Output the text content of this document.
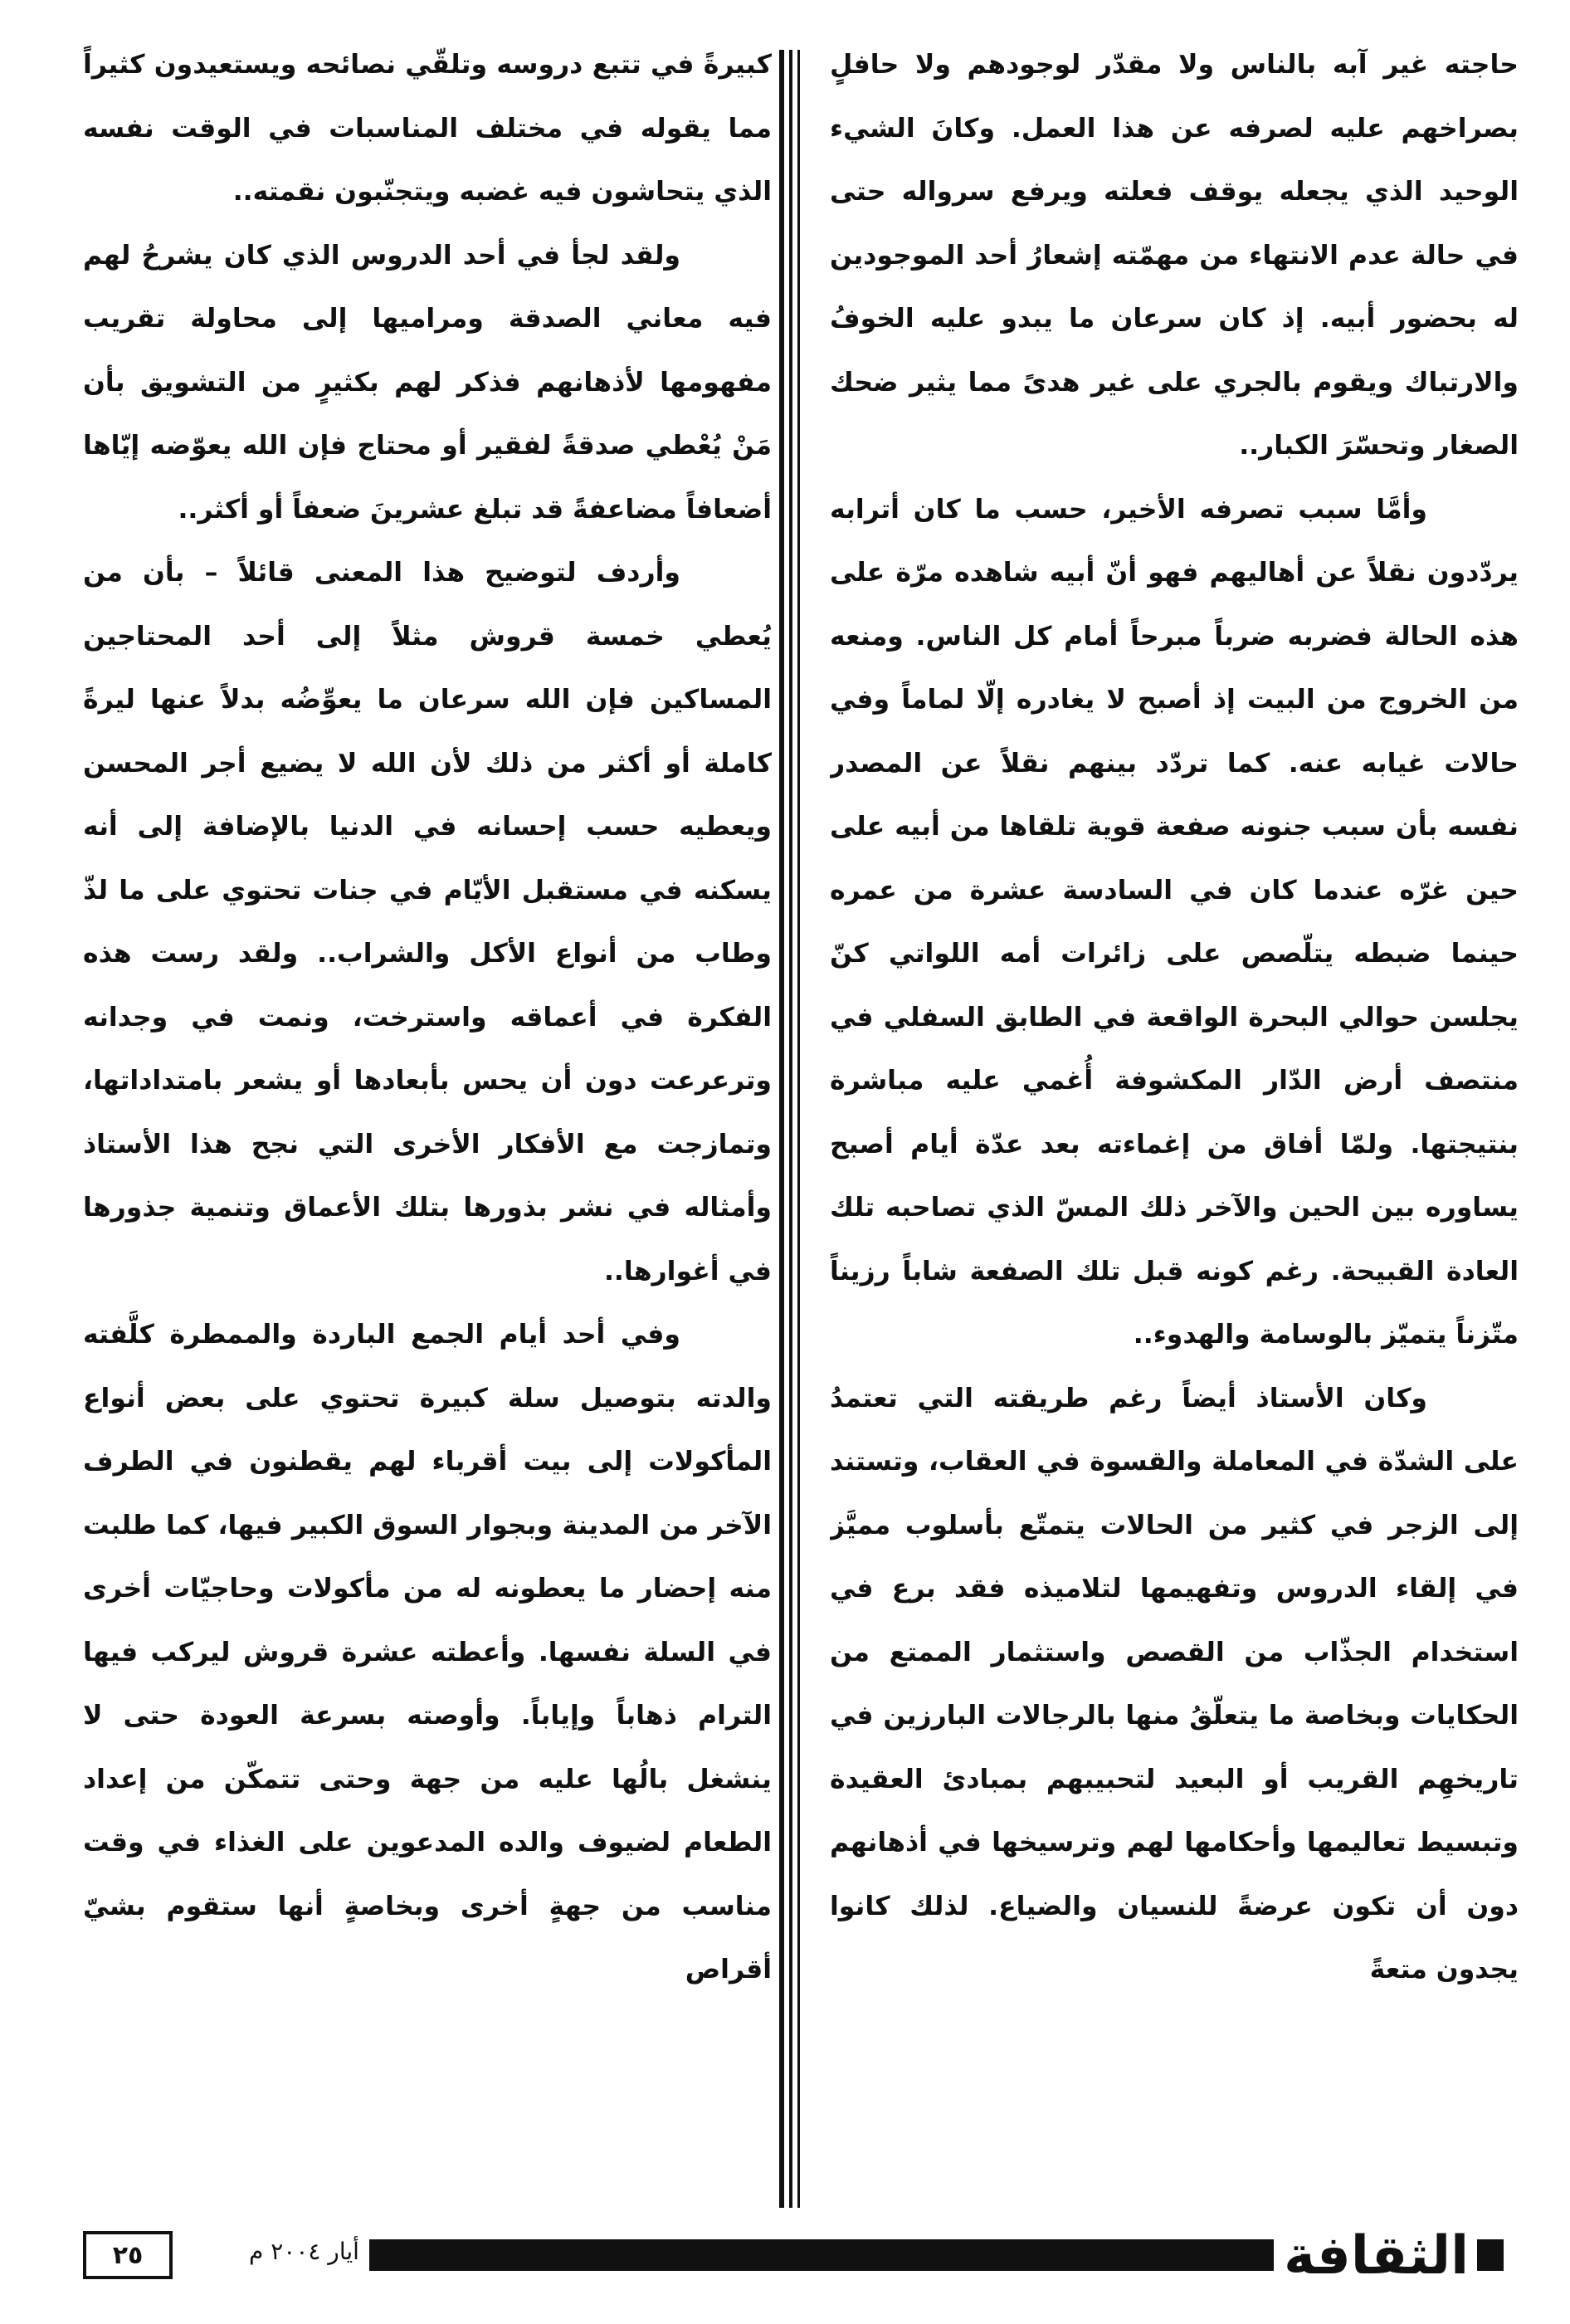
حاجته غير آبه بالناس ولا مقدّر لوجودهم ولا حافلٍ بصراخهم عليه لصرفه عن هذا العمل. وكانَ الشيء الوحيد الذي يجعله يوقف فعلته ويرفع سرواله حتى في حالة عدم الانتهاء من مهمّته إشعارُ أحد الموجودين له بحضور أبيه. إذ كان سرعان ما يبدو عليه الخوفُ والارتباك ويقوم بالجري على غير هدىً مما يثير ضحك الصغار وتحسّرَ الكبار..

وأمَّا سبب تصرفه الأخير، حسب ما كان أترابه يردّدون نقلاً عن أهاليهم فهو أنّ أبيه شاهده مرّة على هذه الحالة فضربه ضرباً مبرحاً أمام كل الناس. ومنعه من الخروج من البيت إذ أصبح لا يغادره إلّا لماماً وفي حالات غيابه عنه. كما تردّد بينهم نقلاً عن المصدر نفسه بأن سبب جنونه صفعة قوية تلقاها من أبيه على حين غرّه عندما كان في السادسة عشرة من عمره حينما ضبطه يتلّصص على زائرات أمه اللواتي كنّ يجلسن حوالي البحرة الواقعة في الطابق السفلي في منتصف أرض الدّار المكشوفة أُغمي عليه مباشرة بنتيجتها. ولمّا أفاق من إغماءته بعد عدّة أيام أصبح يساوره بين الحين والآخر ذلك المسّ الذي تصاحبه تلك العادة القبيحة. رغم كونه قبل تلك الصفعة شاباً رزيناً متّزناً يتميّز بالوسامة والهدوء..

وكان الأستاذ أيضاً رغم طريقته التي تعتمدُ على الشدّة في المعاملة والقسوة في العقاب، وتستند إلى الزجر في كثير من الحالات يتمتّع بأسلوب مميَّز في إلقاء الدروس وتفهيمها لتلاميذه فقد برع في استخدام الجذّاب من القصص واستثمار الممتع من الحكايات وبخاصة ما يتعلّقُ منها بالرجالات البارزين في تاريخهِم القريب أو البعيد لتحبيبهم بمبادئ العقيدة وتبسيط تعاليمها وأحكامها لهم وترسيخها في أذهانهم دون أن تكون عرضةً للنسيان والضياع. لذلك كانوا يجدون متعةً

كبيرةً في تتبع دروسه وتلقّي نصائحه ويستعيدون كثيراً مما يقوله في مختلف المناسبات في الوقت نفسه الذي يتحاشون فيه غضبه ويتجنّبون نقمته..

ولقد لجأ في أحد الدروس الذي كان يشرحُ لهم فيه معاني الصدقة ومراميها إلى محاولة تقريب مفهومها لأذهانهم فذكر لهم بكثيرٍ من التشويق بأن مَنْ يُعْطي صدقةً لفقير أو محتاج فإن الله يعوّضه إيّاها أضعافاً مضاعفةً قد تبلغ عشرينَ ضعفاً أو أكثر..

وأردف لتوضيح هذا المعنى قائلاً – بأن من يُعطي خمسة قروش مثلاً إلى أحد المحتاجين المساكين فإن الله سرعان ما يعوِّضُه بدلاً عنها ليرةً كاملة أو أكثر من ذلك لأن الله لا يضيع أجر المحسن ويعطيه حسب إحسانه في الدنيا بالإضافة إلى أنه يسكنه في مستقبل الأيّام في جنات تحتوي على ما لذّ وطاب من أنواع الأكل والشراب.. ولقد رست هذه الفكرة في أعماقه واسترخت، ونمت في وجدانه وترعرعت دون أن يحس بأبعادها أو يشعر بامتداداتها، وتمازجت مع الأفكار الأخرى التي نجح هذا الأستاذ وأمثاله في نشر بذورها بتلك الأعماق وتنمية جذورها في أغوارها..

وفي أحد أيام الجمع الباردة والممطرة كلَّفته والدته بتوصيل سلة كبيرة تحتوي على بعض أنواع المأكولات إلى بيت أقرباء لهم يقطنون في الطرف الآخر من المدينة وبجوار السوق الكبير فيها، كما طلبت منه إحضار ما يعطونه له من مأكولات وحاجيّات أخرى في السلة نفسها. وأعطته عشرة قروش ليركب فيها الترام ذهاباً وإياباً. وأوصته بسرعة العودة حتى لا ينشغل بالُها عليه من جهة وحتى تتمكّن من إعداد الطعام لضيوف والده المدعوين على الغذاء في وقت مناسب من جهةٍ أخرى وبخاصةٍ أنها ستقوم بشيّ أقراص

٢٥	أيار ٢٠٠٤ م	الثقافة
